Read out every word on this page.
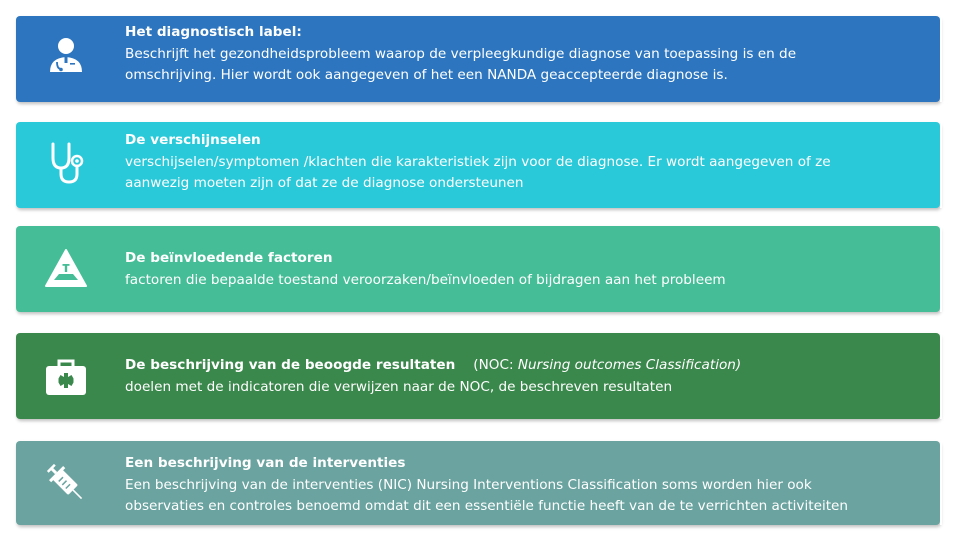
Het diagnostisch label:
Beschrijft het gezondheidsprobleem waarop de verpleegkundige diagnose van toepassing is en de
omschrijving. Hier wordt ook aangegeven of het een NANDA geaccepteerde diagnose is.
De verschijnselen
verschijselen/symptomen /klachten die karakteristiek zijn voor de diagnose. Er wordt aangegeven of ze
aanwezig moeten zijn of dat ze de diagnose ondersteunen
De beïnvloedende factoren
factoren die bepaalde toestand veroorzaken/beïnvloeden of bijdragen aan het probleem
De beschrijving van de beoogde resultaten (NOC: Nursing outcomes Classification)
doelen met de indicatoren die verwijzen naar de NOC, de beschreven resultaten
Een beschrijving van de interventies
Een beschrijving van de interventies (NIC) Nursing Interventions Classification soms worden hier ook
observaties en controles benoemd omdat dit een essentiële functie heeft van de te verrichten activiteiten
